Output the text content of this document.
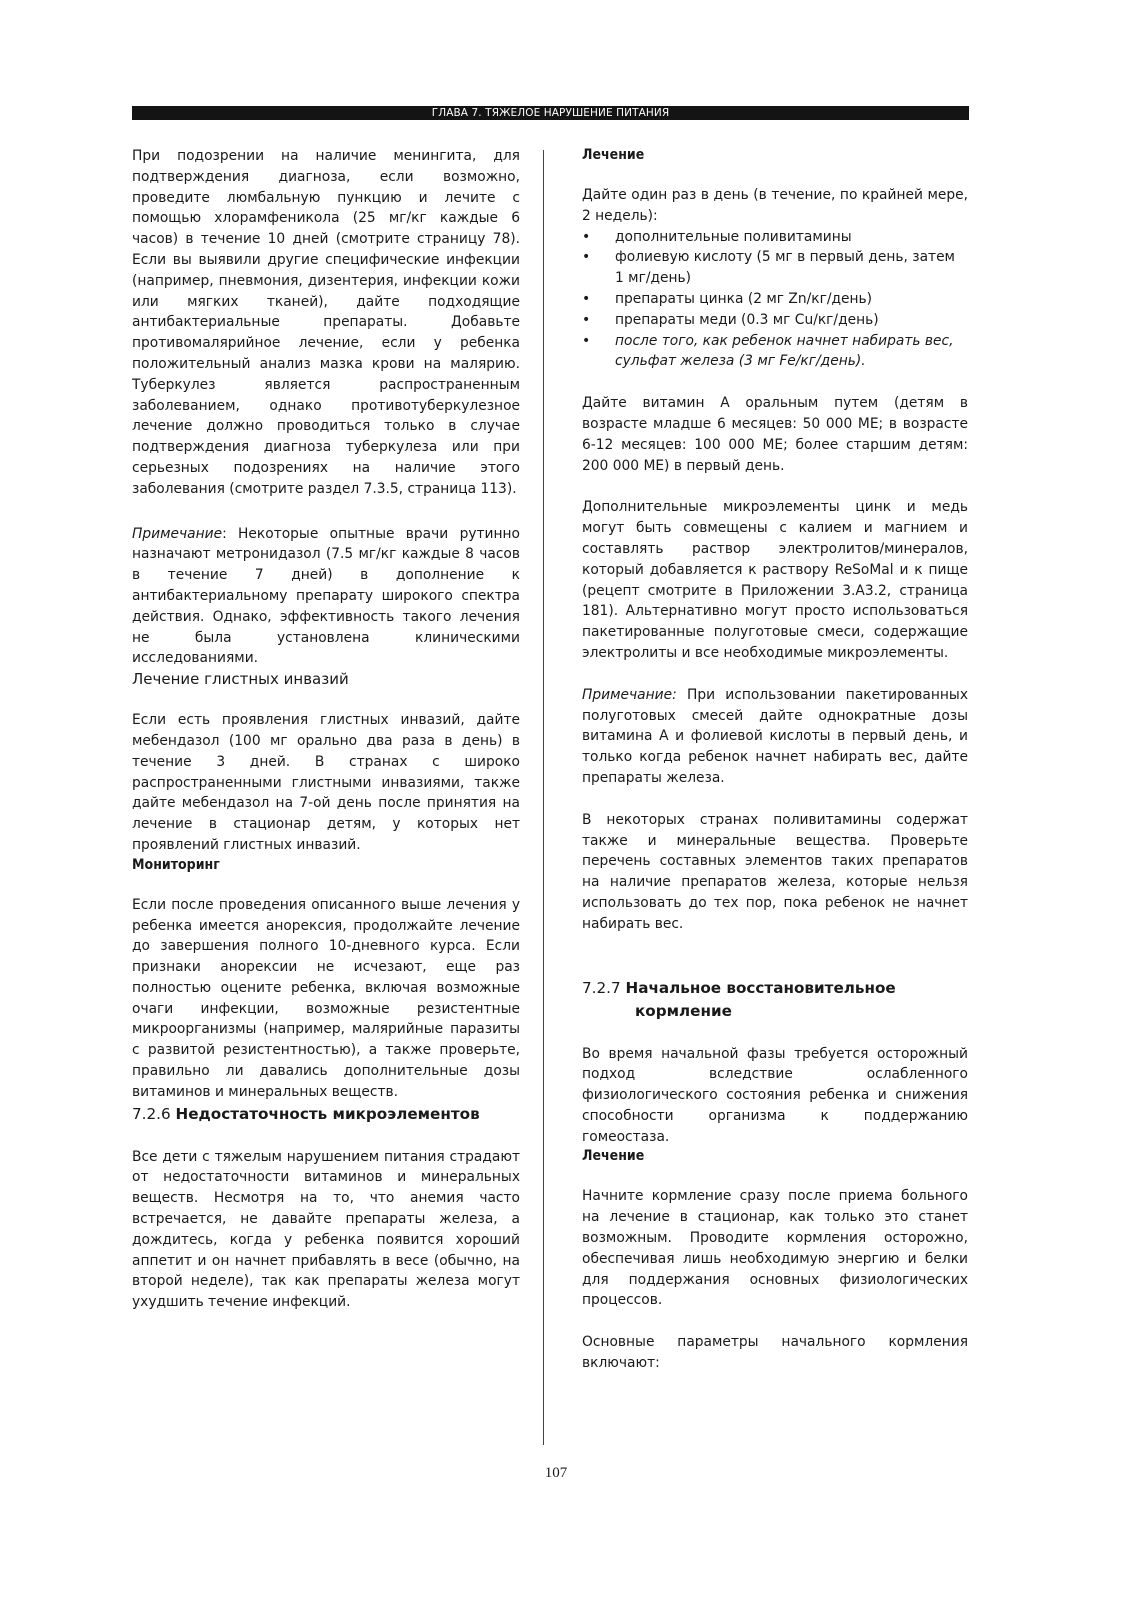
ГЛАВА 7. ТЯЖЕЛОЕ НАРУШЕНИЕ ПИТАНИЯ

При подозрении на наличие менингита, для подтверждения диагноза, если возможно, проведите люмбальную пункцию и лечите с помощью хлорамфеникола (25 мг/кг каждые 6 часов) в течение 10 дней (смотрите страницу 78). Если вы выявили другие специфические инфекции (например, пневмония, дизентерия, инфекции кожи или мягких тканей), дайте подходящие антибактериальные препараты. Добавьте противомалярийное лечение, если у ребенка положительный анализ мазка крови на малярию. Туберкулез является распространенным заболеванием, однако противотуберкулезное лечение должно проводиться только в случае подтверждения диагноза туберкулеза или при серьезных подозрениях на наличие этого заболевания (смотрите раздел 7.3.5, страница 113).

Примечание: Некоторые опытные врачи рутинно назначают метронидазол (7.5 мг/кг каждые 8 часов в течение 7 дней) в дополнение к антибактериальному препарату широкого спектра действия. Однако, эффективность такого лечения не была установлена клиническими исследованиями.

Лечение глистных инвазий

Если есть проявления глистных инвазий, дайте мебендазол (100 мг орально два раза в день) в течение 3 дней. В странах с широко распространенными глистными инвазиями, также дайте мебендазол на 7-ой день после принятия на лечение в стационар детям, у которых нет проявлений глистных инвазий.

Мониторинг

Если после проведения описанного выше лечения у ребенка имеется анорексия, продолжайте лечение до завершения полного 10-дневного курса. Если признаки анорексии не исчезают, еще раз полностью оцените ребенка, включая возможные очаги инфекции, возможные резистентные микроорганизмы (например, малярийные паразиты с развитой резистентностью), а также проверьте, правильно ли давались дополнительные дозы витаминов и минеральных веществ.

7.2.6 Недостаточность микроэлементов

Все дети с тяжелым нарушением питания страдают от недостаточности витаминов и минеральных веществ. Несмотря на то, что анемия часто встречается, не давайте препараты железа, а дождитесь, когда у ребенка появится хороший аппетит и он начнет прибавлять в весе (обычно, на второй неделе), так как препараты железа могут ухудшить течение инфекций.

Лечение

Дайте один раз в день (в течение, по крайней мере, 2 недель):

• дополнительные поливитамины
• фолиевую кислоту (5 мг в первый день, затем 1 мг/день)
• препараты цинка (2 мг Zn/кг/день)
• препараты меди (0.3 мг Cu/кг/день)
• после того, как ребенок начнет набирать вес, сульфат железа (3 мг Fe/кг/день).

Дайте витамин А оральным путем (детям в возрасте младше 6 месяцев: 50 000 МЕ; в возрасте 6-12 месяцев: 100 000 МЕ; более старшим детям: 200 000 МЕ) в первый день.

Дополнительные микроэлементы цинк и медь могут быть совмещены с калием и магнием и составлять раствор электролитов/минералов, который добавляется к раствору ReSoMal и к пище (рецепт смотрите в Приложении 3.А3.2, страница 181). Альтернативно могут просто использоваться пакетированные полуготовые смеси, содержащие электролиты и все необходимые микроэлементы.

Примечание: При использовании пакетированных полуготовых смесей дайте однократные дозы витамина А и фолиевой кислоты в первый день, и только когда ребенок начнет набирать вес, дайте препараты железа.

В некоторых странах поливитамины содержат также и минеральные вещества. Проверьте перечень составных элементов таких препаратов на наличие препаратов железа, которые нельзя использовать до тех пор, пока ребенок не начнет набирать вес.

7.2.7 Начальное восстановительное
кормление

Во время начальной фазы требуется осторожный подход вследствие ослабленного физиологического состояния ребенка и снижения способности организма к поддержанию гомеостаза.

Лечение

Начните кормление сразу после приема больного на лечение в стационар, как только это станет возможным. Проводите кормления осторожно, обеспечивая лишь необходимую энергию и белки для поддержания основных физиологических процессов.

Основные параметры начального кормления включают:

107
